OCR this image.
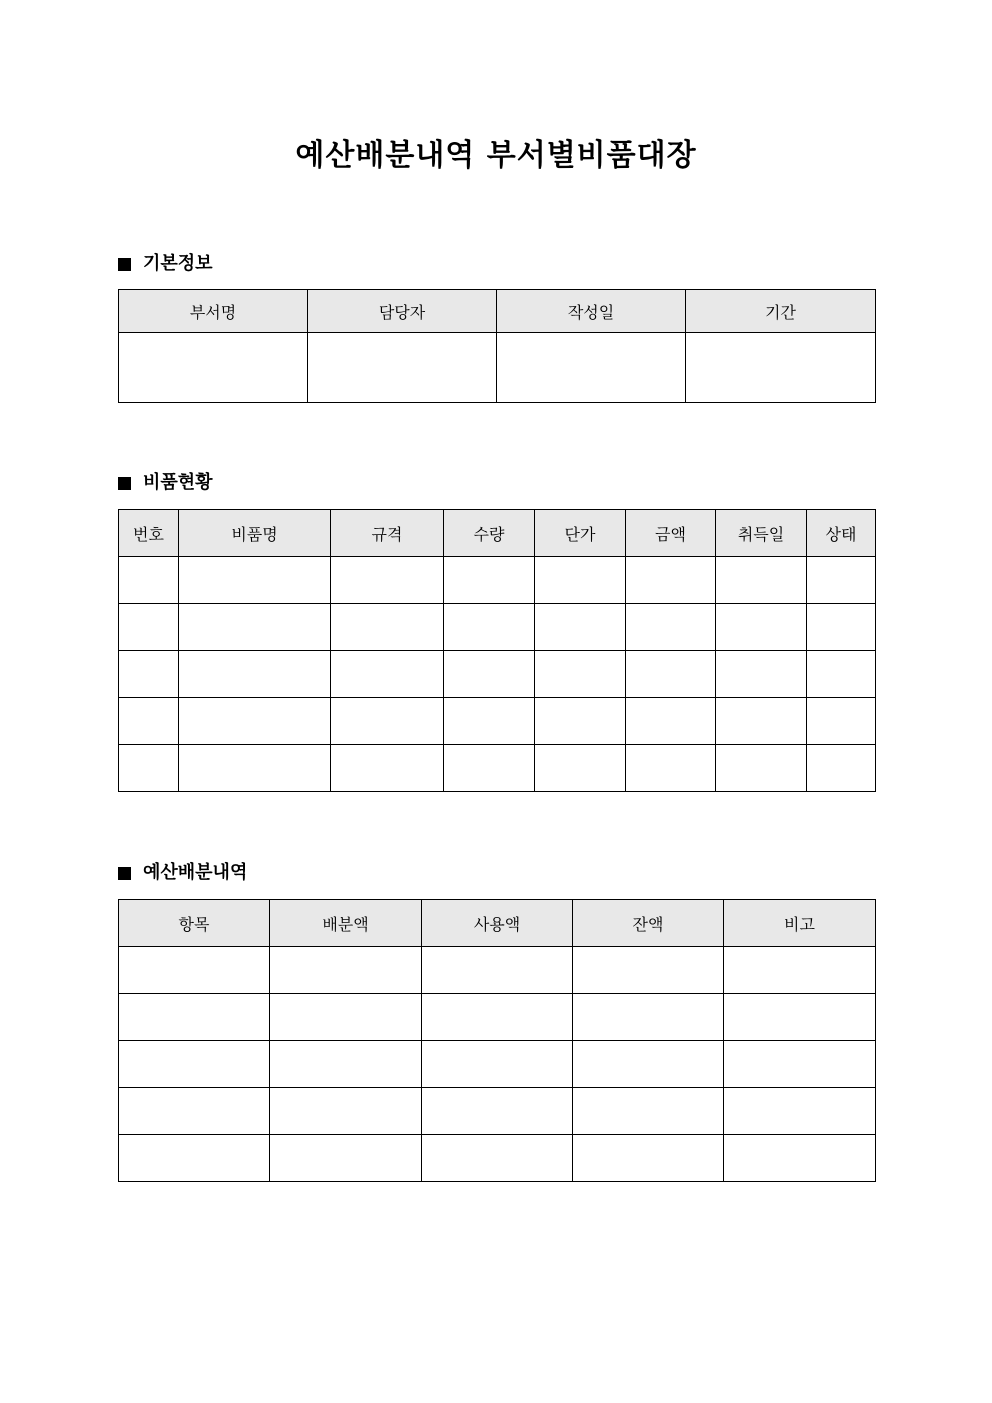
예산배분내역 부서별비품대장
기본정보
부서명	담당자	작성일	기간

비품현황
번호	비품명	규격	수량	단가	금액	취득일	상태

예산배분내역
항목	배분액	사용액	잔액	비고
